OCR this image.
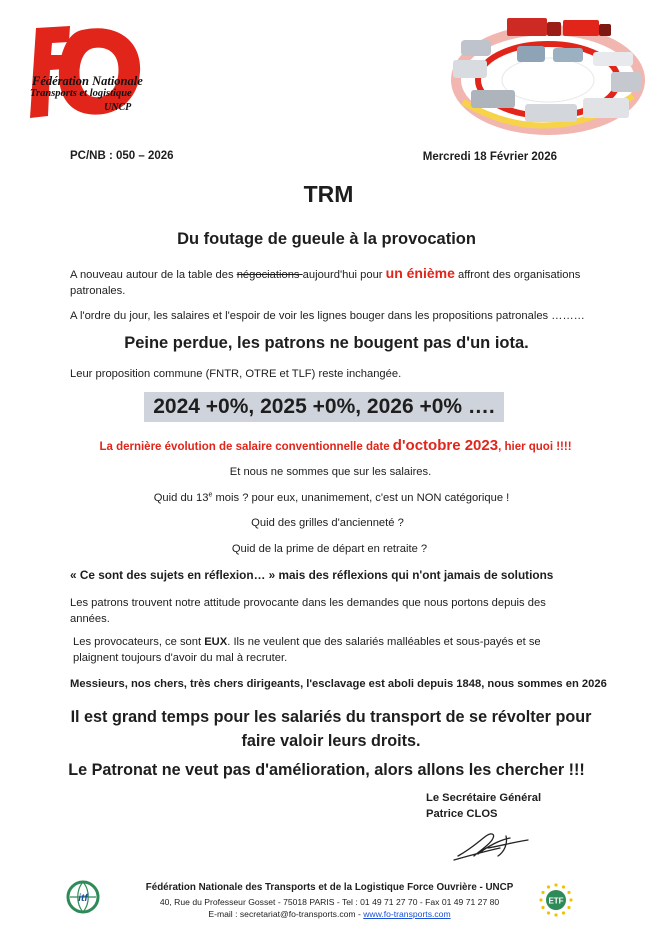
Fédération Nationale
Transports et logistique
UNCP
PC/NB : 050 – 2026	Mercredi 18 Février 2026
TRM
Du foutage de gueule à la provocation
A nouveau autour de la table des négociations aujourd'hui pour un énième affront des organisations patronales.
A l'ordre du jour, les salaires et l'espoir de voir les lignes bouger dans les propositions patronales ………
Peine perdue, les patrons ne bougent pas d'un iota.
Leur proposition commune (FNTR, OTRE et TLF) reste inchangée.
2024 +0%, 2025 +0%, 2026 +0% ….
La dernière évolution de salaire conventionnelle date d'octobre 2023, hier quoi !!!!
Et nous ne sommes que sur les salaires.
Quid du 13e mois ? pour eux, unanimement, c'est un NON catégorique !
Quid des grilles d'ancienneté ?
Quid de la prime de départ en retraite ?
« Ce sont des sujets en réflexion… » mais des réflexions qui n'ont jamais de solutions
Les patrons trouvent notre attitude provocante dans les demandes que nous portons depuis des années.
Les provocateurs, ce sont EUX. Ils ne veulent que des salariés malléables et sous-payés et se plaignent toujours d'avoir du mal à recruter.
Messieurs, nos chers, très chers dirigeants, l'esclavage est aboli depuis 1848, nous sommes en 2026
Il est grand temps pour les salariés du transport de se révolter pour faire valoir leurs droits.
Le Patronat ne veut pas d'amélioration, alors allons les chercher !!!
Le Secrétaire Général
Patrice CLOS
itf
Fédération Nationale des Transports et de la Logistique Force Ouvrière - UNCP
40, Rue du Professeur Gosset - 75018 PARIS - Tel : 01 49 71 27 70 - Fax 01 49 71 27 80
E-mail : secretariat@fo-transports.com - www.fo-transports.com
ETF
